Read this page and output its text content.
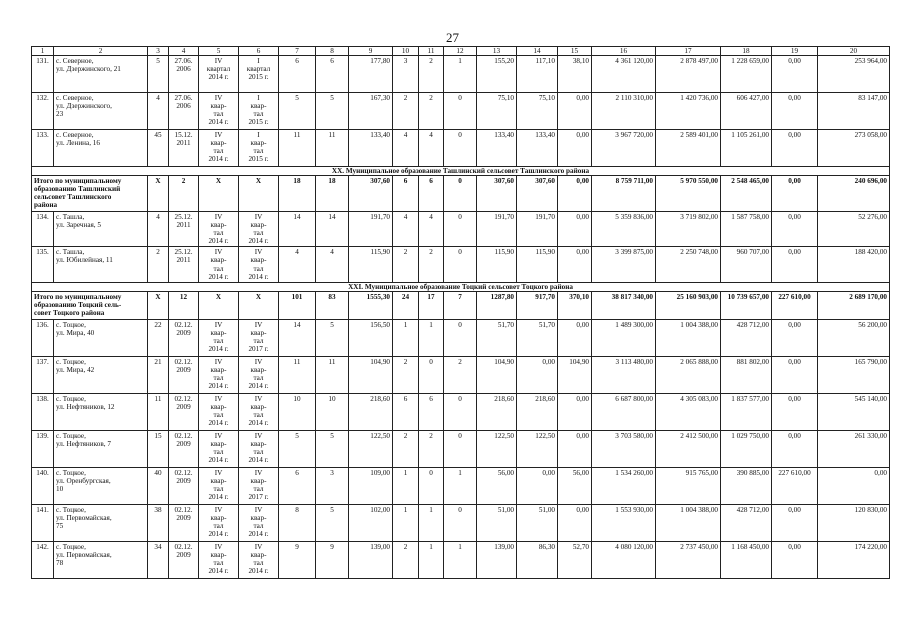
27
1	2	3	4	5	6	7	8	9	10	11	12	13	14	15	16	17	18	19	20
131.	с. Северное,
ул. Дзержинского, 21	5	27.06.
2006	IV
квартал
2014 г.	I
квартал
2015 г.	6	6	177,80	3	2	1	155,20	117,10	38,10	4 361 120,00	2 878 497,00	1 228 659,00	0,00	253 964,00
132.	с. Северное,
ул. Дзержинского,
23	4	27.06.
2006	IV
квар-
тал
2014 г.	I
квар-
тал
2015 г.	5	5	167,30	2	2	0	75,10	75,10	0,00	2 110 310,00	1 420 736,00	606 427,00	0,00	83 147,00
133.	с. Северное,
ул. Ленина, 16	45	15.12.
2011	IV
квар-
тал
2014 г.	I
квар-
тал
2015 г.	11	11	133,40	4	4	0	133,40	133,40	0,00	3 967 720,00	2 589 401,00	1 105 261,00	0,00	273 058,00
XX. Муниципальное образование Ташлинский сельсовет Ташлинского района																			
Итого по муниципальному
образованию Ташлинский
сельсовет Ташлинского
района		X	2	X	X	18	18	307,60	6	6	0	307,60	307,60	0,00	8 759 711,00	5 970 550,00	2 548 465,00	0,00	240 696,00
134.	с. Ташла,
ул. Заречная, 5	4	25.12.
2011	IV
квар-
тал
2014 г.	IV
квар-
тал
2014 г.	14	14	191,70	4	4	0	191,70	191,70	0,00	5 359 836,00	3 719 802,00	1 587 758,00	0,00	52 276,00
135.	с. Ташла,
ул. Юбилейная, 11	2	25.12.
2011	IV
квар-
тал
2014 г.	IV
квар-
тал
2014 г.	4	4	115,90	2	2	0	115,90	115,90	0,00	3 399 875,00	2 250 748,00	960 707,00	0,00	188 420,00
XXI. Муниципальное образование Тоцкий сельсовет Тоцкого района																			
Итого по муниципальному
образованию Тоцкий сель-
совет Тоцкого района		X	12	X	X	101	83	1555,30	24	17	7	1287,80	917,70	370,10	38 817 340,00	25 160 903,00	10 739 657,00	227 610,00	2 689 170,00
136.	с. Тоцкое,
ул. Мира, 40	22	02.12.
2009	IV
квар-
тал
2014 г.	IV
квар-
тал
2017 г.	14	5	156,50	1	1	0	51,70	51,70	0,00	1 489 300,00	1 004 388,00	428 712,00	0,00	56 200,00
137.	с. Тоцкое,
ул. Мира, 42	21	02.12.
2009	IV
квар-
тал
2014 г.	IV
квар-
тал
2014 г.	11	11	104,90	2	0	2	104,90	0,00	104,90	3 113 480,00	2 065 888,00	881 802,00	0,00	165 790,00
138.	с. Тоцкое,
ул. Нефтяников, 12	11	02.12.
2009	IV
квар-
тал
2014 г.	IV
квар-
тал
2014 г.	10	10	218,60	6	6	0	218,60	218,60	0,00	6 687 800,00	4 305 083,00	1 837 577,00	0,00	545 140,00
139.	с. Тоцкое,
ул. Нефтяников, 7	15	02.12.
2009	IV
квар-
тал
2014 г.	IV
квар-
тал
2014 г.	5	5	122,50	2	2	0	122,50	122,50	0,00	3 703 580,00	2 412 500,00	1 029 750,00	0,00	261 330,00
140.	с. Тоцкое,
ул. Оренбургская,
10	40	02.12.
2009	IV
квар-
тал
2014 г.	IV
квар-
тал
2017 г.	6	3	109,00	1	0	1	56,00	0,00	56,00	1 534 260,00	915 765,00	390 885,00	227 610,00	0,00
141.	с. Тоцкое,
ул. Первомайская,
75	38	02.12.
2009	IV
квар-
тал
2014 г.	IV
квар-
тал
2014 г.	8	5	102,00	1	1	0	51,00	51,00	0,00	1 553 930,00	1 004 388,00	428 712,00	0,00	120 830,00
142.	с. Тоцкое,
ул. Первомайская,
78	34	02.12.
2009	IV
квар-
тал
2014 г.	IV
квар-
тал
2014 г.	9	9	139,00	2	1	1	139,00	86,30	52,70	4 080 120,00	2 737 450,00	1 168 450,00	0,00	174 220,00
